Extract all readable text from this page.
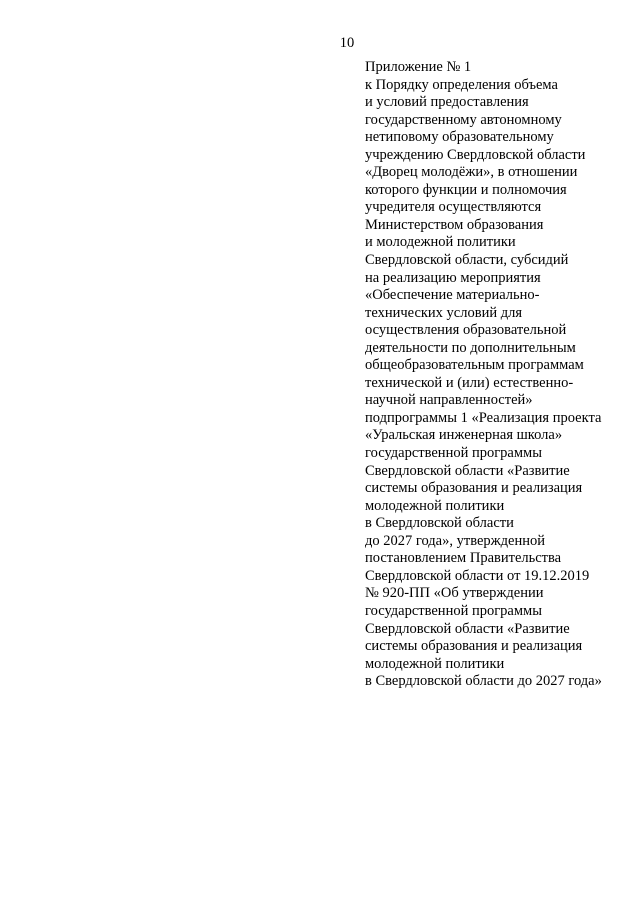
10
Приложение № 1
к Порядку определения объема
и условий предоставления
государственному автономному
нетиповому образовательному
учреждению Свердловской области
«Дворец молодёжи», в отношении
которого функции и полномочия
учредителя осуществляются
Министерством образования
и молодежной политики
Свердловской области, субсидий
на реализацию мероприятия
«Обеспечение материально-
технических условий для
осуществления образовательной
деятельности по дополнительным
общеобразовательным программам
технической и (или) естественно-
научной направленностей»
подпрограммы 1 «Реализация проекта
«Уральская инженерная школа»
государственной программы
Свердловской области «Развитие
системы образования и реализация
молодежной политики
в Свердловской области
до 2027 года», утвержденной
постановлением Правительства
Свердловской области от 19.12.2019
№ 920-ПП «Об утверждении
государственной программы
Свердловской области «Развитие
системы образования и реализация
молодежной политики
в Свердловской области до 2027 года»
